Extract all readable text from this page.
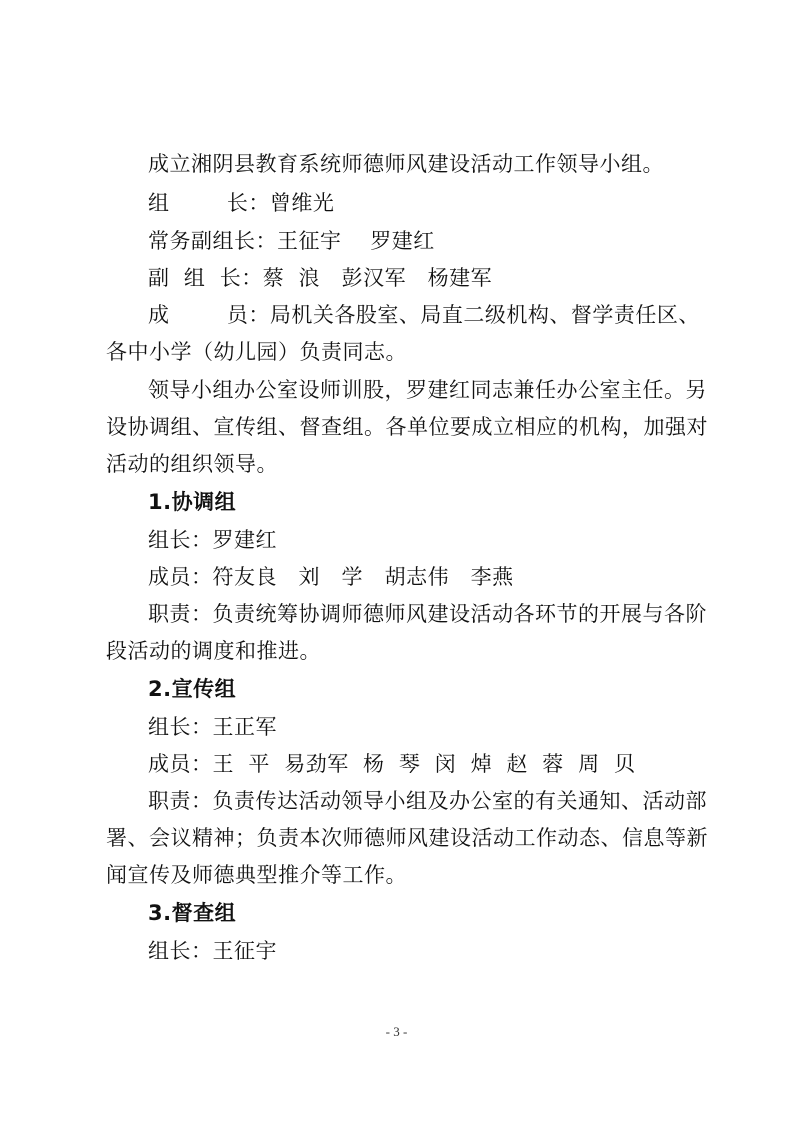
成立湘阴县教育系统师德师风建设活动工作领导小组。
组        长：曾维光
常务副组长：王征宇    罗建红
副  组  长：蔡  浪   彭汉军   杨建军
成        员：局机关各股室、局直二级机构、督学责任区、
各中小学（幼儿园）负责同志。
领导小组办公室设师训股，罗建红同志兼任办公室主任。另
设协调组、宣传组、督查组。各单位要成立相应的机构，加强对
活动的组织领导。
1.协调组
组长：罗建红
成员：符友良   刘   学   胡志伟   李燕
职责：负责统筹协调师德师风建设活动各环节的开展与各阶
段活动的调度和推进。
2.宣传组
组长：王正军
成员：王  平  易劲军  杨  琴  闵  焯  赵  蓉  周  贝
职责：负责传达活动领导小组及办公室的有关通知、活动部
署、会议精神；负责本次师德师风建设活动工作动态、信息等新
闻宣传及师德典型推介等工作。
3.督查组
组长：王征宇
- 3 -
